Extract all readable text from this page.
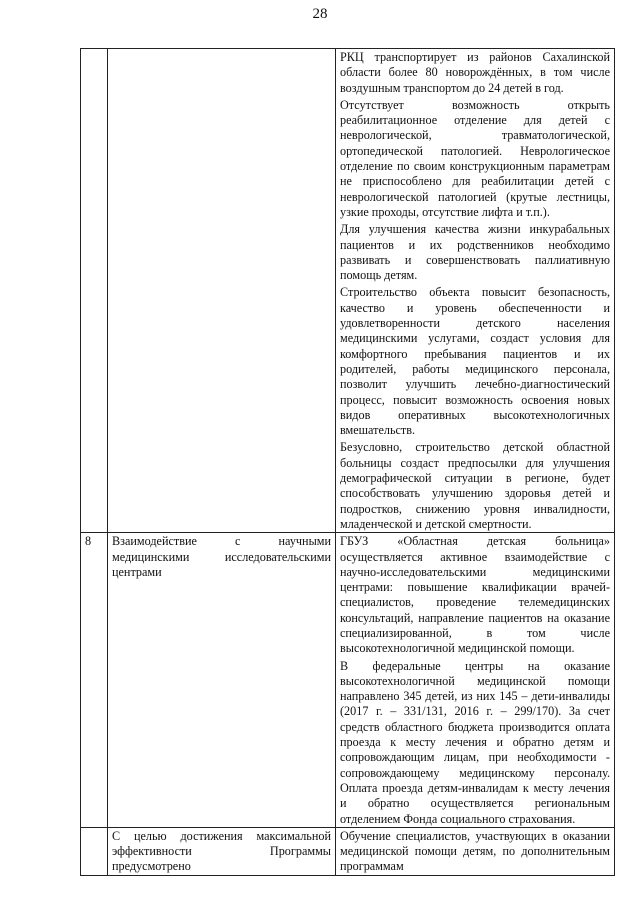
28

		РКЦ транспортирует из районов Сахалинской области более 80 новорождённых, в том числе воздушным транспортом до 24 детей в год.

Отсутствует возможность открыть реабилитационное отделение для детей с неврологической, травматологической, ортопедической патологией. Неврологическое отделение по своим конструкционным параметрам не приспособлено для реабилитации детей с неврологической патологией (крутые лестницы, узкие проходы, отсутствие лифта и т.п.).

Для улучшения качества жизни инкурабальных пациентов и их родственников необходимо развивать и совершенствовать паллиативную помощь детям.

Строительство объекта повысит безопасность, качество и уровень обеспеченности и удовлетворенности детского населения медицинскими услугами, создаст условия для комфортного пребывания пациентов и их родителей, работы медицинского персонала, позволит улучшить лечебно-диагностический процесс, повысит возможность освоения новых видов оперативных высокотехнологичных вмешательств.

Безусловно, строительство детской областной больницы создаст предпосылки для улучшения демографической ситуации в регионе, будет способствовать улучшению здоровья детей и подростков, снижению уровня инвалидности, младенческой и детской смертности.

8	Взаимодействие с научными медицинскими исследовательскими центрами	ГБУЗ «Областная детская больница» осуществляется активное взаимодействие с научно-исследовательскими медицинскими центрами: повышение квалификации врачей-специалистов, проведение телемедицинских консультаций, направление пациентов на оказание специализированной, в том числе высокотехнологичной медицинской помощи.

В федеральные центры на оказание высокотехнологичной медицинской помощи направлено 345 детей, из них 145 – дети-инвалиды (2017 г. – 331/131, 2016 г. – 299/170). За счет средств областного бюджета производится оплата проезда к месту лечения и обратно детям и сопровождающим лицам, при необходимости - сопровождающему медицинскому персоналу. Оплата проезда детям-инвалидам к месту лечения и обратно осуществляется региональным отделением Фонда социального страхования.

	С целью достижения максимальной эффективности Программы предусмотрено	Обучение специалистов, участвующих в оказании медицинской помощи детям, по дополнительным программам
